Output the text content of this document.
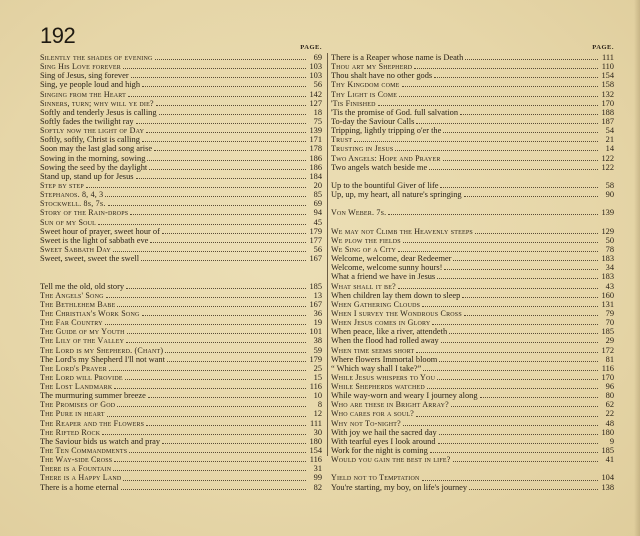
192	PAGE.
Silently the shades of evening	69
Sing His Love forever	103
Sing of Jesus, sing forever	103
Sing, ye people loud and high	56
Singing from the Heart	142
Sinners, turn; why will ye die?	127
Softly and tenderly Jesus is calling	18
Softly fades the twilight ray	75
Softly now the light of Day	139
Softly, softly, Christ is calling	171
Soon may the last glad song arise	178
Sowing in the morning, sowing	186
Sowing the seed by the daylight	186
Stand up, stand up for Jesus	184
Step by step	20
Stephanos. 8, 4, 3	85
Stockwell. 8s, 7s.	69
Story of the Rain-drops	94
Sun of my Soul	45
Sweet hour of prayer, sweet hour of	179
Sweet is the light of sabbath eve	177
Sweet Sabbath Day	56
Sweet, sweet, sweet the swell	167
Tell me the old, old story	185
The Angels' Song	13
The Bethlehem Babe	167
The Christian's Work Song	36
The Far Country	19
The Guide of my Youth	101
The Lily of the Valley	38
The Lord is my Shepherd. (Chant)	59
The Lord's my Shepherd I'll not want	179
The Lord's Prayer	25
The Lord will Provide	15
The Lost Landmark	116
The murmuring summer breeze	10
The Promises of God	8
The Pure in heart	12
The Reaper and the Flowers	111
The Rifted Rock	30
The Saviour bids us watch and pray	180
The Ten Commandments	154
The Way-side Cross	116
There is a Fountain	31
There is a Happy Land	99
There is a home eternal	82
PAGE.
There is a Reaper whose name is Death	111
Thou art my Shepherd	110
Thou shalt have no other gods	154
Thy Kingdom come	158
Thy Light is Come	132
'Tis Finished	170
'Tis the promise of God. full salvation	188
To-day the Saviour Calls	187
Tripping, lightly tripping o'er the	54
Trust	21
Trusting in Jesus	14
Two Angels: Hope and Prayer	122
Two angels watch beside me	122
Up to the bountiful Giver of life	58
Up, up, my heart, all nature's springing	90
Von Weber. 7s.	139
We may not Climb the Heavenly steeps	129
We plow the fields	50
We Sing of a City	78
Welcome, welcome, dear Redeemer	183
Welcome, welcome sunny hours!	34
What a friend we have in Jesus	183
What shall it be?	43
When children lay them down to sleep	160
When Gathering Clouds	131
When I survey the Wondrous Cross	79
When Jesus comes in Glory	70
When peace, like a river, attendeth	185
When the flood had rolled away	29
When time seems short	172
Where flowers Immortal bloom	81
“ Which way shall I take?”	116
While Jesus whispers to You	170
While Shepherds watched	96
While way-worn and weary I journey along	80
Who are these in Bright Array?	62
Who cares for a soul?	22
Why not To-night?	48
With joy we hail the sacred day	180
With tearful eyes I look around	9
Work for the night is coming	185
Would you gain the best in life?	41
Yield not to Temptation	104
You're starting, my boy, on life's journey	138
